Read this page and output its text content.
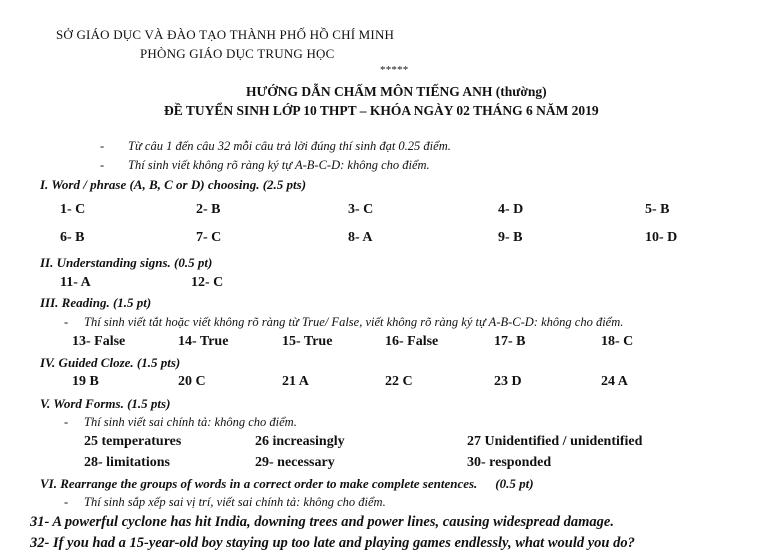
SỞ GIÁO DỤC VÀ ĐÀO TẠO THÀNH PHỐ HỒ CHÍ MINH
PHÒNG GIÁO DỤC TRUNG HỌC
*****
HƯỚNG DẪN CHẤM MÔN TIẾNG ANH (thường)
ĐỀ TUYỂN SINH LỚP 10 THPT – KHÓA NGÀY 02 THÁNG 6 NĂM 2019
- Từ câu 1 đến câu 32 mỗi câu trả lời đúng thí sinh đạt 0.25 điểm.
- Thí sinh viết không rõ ràng ký tự A-B-C-D: không cho điểm.
I. Word / phrase (A, B, C or D) choosing. (2.5 pts)
1- C	2- B	3- C	4- D	5- B
6- B	7- C	8- A	9- B	10- D
II. Understanding signs. (0.5 pt)
11- A	12- C
III. Reading. (1.5 pt)
- Thí sinh viết tắt hoặc viết không rõ ràng từ True/ False, viết không rõ ràng ký tự A-B-C-D: không cho điểm.
13- False	14- True	15- True	16- False	17- B	18- C
IV. Guided Cloze. (1.5 pts)
19 B	20 C	21 A	22 C	23 D	24 A
V. Word Forms. (1.5 pts)
- Thí sinh viết sai chính tả: không cho điểm.
25 temperatures	26 increasingly	27 Unidentified / unidentified
28- limitations	29- necessary	30- responded
VI. Rearrange the groups of words in a correct order to make complete sentences. (0.5 pt)
- Thí sinh sắp xếp sai vị trí, viết sai chính tả: không cho điểm.
31- A powerful cyclone has hit India, downing trees and power lines, causing widespread damage.
32- If you had a 15-year-old boy staying up too late and playing games endlessly, what would you do?
